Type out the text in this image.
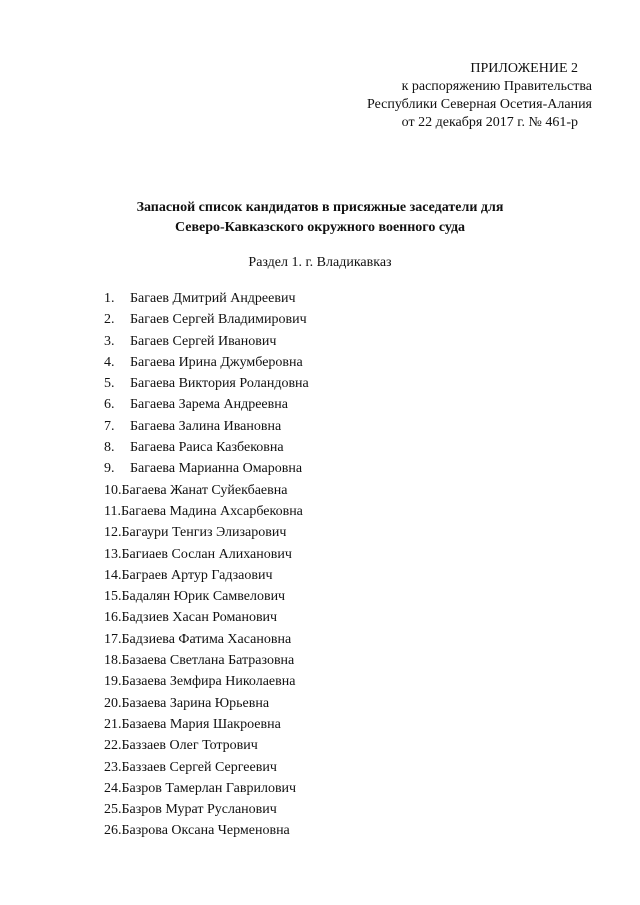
ПРИЛОЖЕНИЕ 2
к распоряжению Правительства
Республики Северная Осетия-Алания
от 22 декабря 2017 г. № 461-р
Запасной список кандидатов в присяжные заседатели для
Северо-Кавказского окружного военного суда
Раздел 1. г. Владикавказ
1.	Багаев Дмитрий Андреевич
2.	Багаев Сергей Владимирович
3.	Багаев Сергей Иванович
4.	Багаева Ирина Джумберовна
5.	Багаева Виктория Роландовна
6.	Багаева Зарема Андреевна
7.	Багаева Залина Ивановна
8.	Багаева Раиса Казбековна
9.	Багаева Марианна Омаровна
10. Багаева Жанат Суйекбаевна
11. Багаева Мадина Ахсарбековна
12. Багаури Тенгиз Элизарович
13. Багиаев Сослан Алиханович
14. Баграев Артур Гадзаович
15. Бадалян Юрик Самвелович
16. Бадзиев Хасан Романович
17. Бадзиева Фатима Хасановна
18. Базаева Светлана Батразовна
19. Базаева Земфира Николаевна
20. Базаева Зарина Юрьевна
21. Базаева Мария Шакроевна
22. Баззаев Олег Тотрович
23. Баззаев Сергей Сергеевич
24. Базров Тамерлан Гаврилович
25. Базров Мурат Русланович
26. Базрова Оксана Черменовна
